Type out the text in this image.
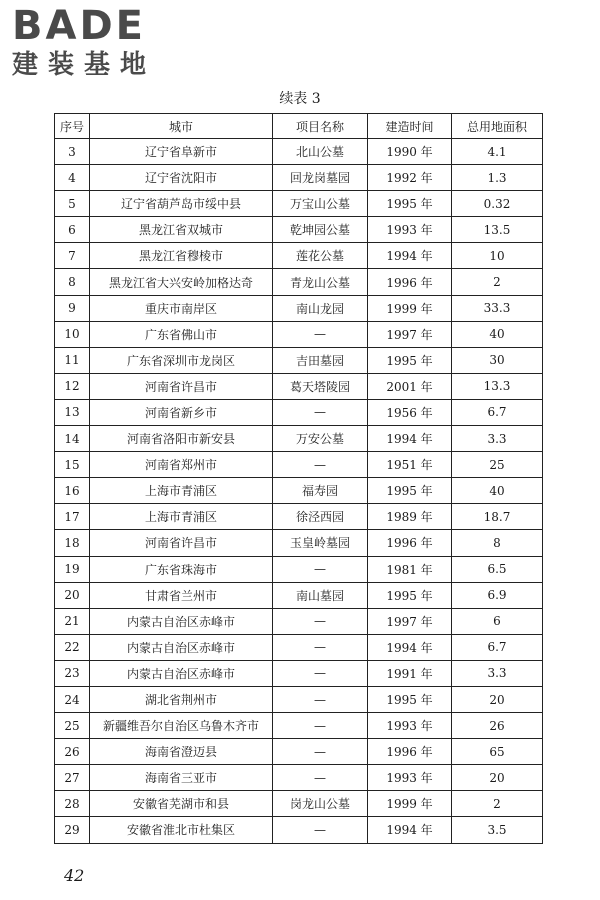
BADE
建装基地
续表 3
序号	城市	项目名称	建造时间	总用地面积
3	辽宁省阜新市	北山公墓	1990 年	4.1
4	辽宁省沈阳市	回龙岗墓园	1992 年	1.3
5	辽宁省葫芦岛市绥中县	万宝山公墓	1995 年	0.32
6	黑龙江省双城市	乾坤园公墓	1993 年	13.5
7	黑龙江省穆棱市	莲花公墓	1994 年	10
8	黑龙江省大兴安岭加格达奇	青龙山公墓	1996 年	2
9	重庆市南岸区	南山龙园	1999 年	33.3
10	广东省佛山市	—	1997 年	40
11	广东省深圳市龙岗区	吉田墓园	1995 年	30
12	河南省许昌市	葛天塔陵园	2001 年	13.3
13	河南省新乡市	—	1956 年	6.7
14	河南省洛阳市新安县	万安公墓	1994 年	3.3
15	河南省郑州市	—	1951 年	25
16	上海市青浦区	福寿园	1995 年	40
17	上海市青浦区	徐泾西园	1989 年	18.7
18	河南省许昌市	玉皇岭墓园	1996 年	8
19	广东省珠海市	—	1981 年	6.5
20	甘肃省兰州市	南山墓园	1995 年	6.9
21	内蒙古自治区赤峰市	—	1997 年	6
22	内蒙古自治区赤峰市	—	1994 年	6.7
23	内蒙古自治区赤峰市	—	1991 年	3.3
24	湖北省荆州市	—	1995 年	20
25	新疆维吾尔自治区乌鲁木齐市	—	1993 年	26
26	海南省澄迈县	—	1996 年	65
27	海南省三亚市	—	1993 年	20
28	安徽省芜湖市和县	岗龙山公墓	1999 年	2
29	安徽省淮北市杜集区	—	1994 年	3.5
42
